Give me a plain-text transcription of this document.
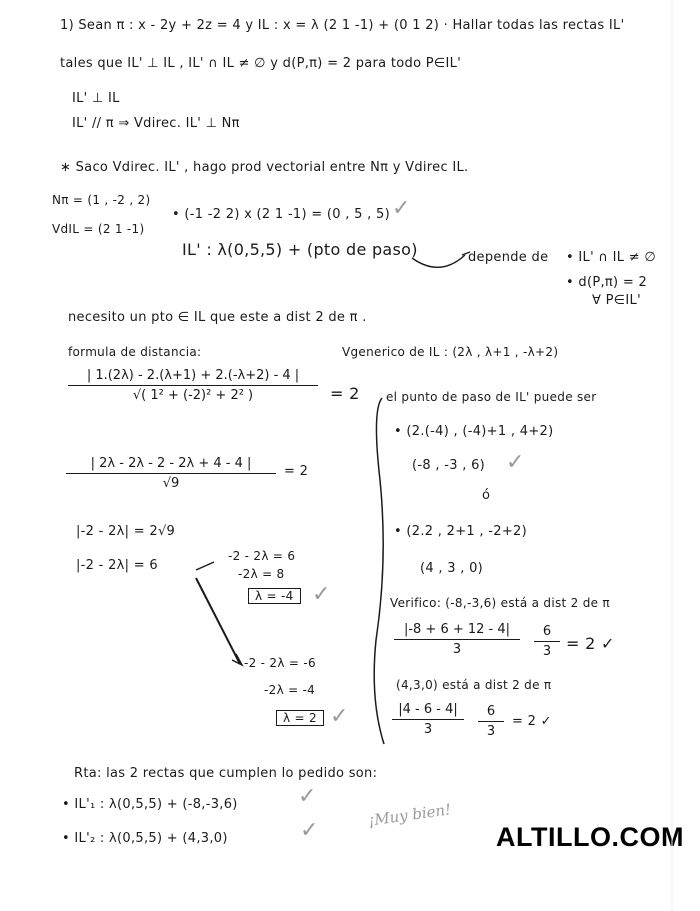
1) Sean π : x - 2y + 2z = 4 y IL : x = λ (2 1 -1) + (0 1 2) · Hallar todas las rectas IL'
tales que IL' ⊥ IL , IL' ∩ IL ≠ ∅ y d(P,π) = 2 para todo P∈IL'
IL' ⊥ IL
IL' // π ⇒ Vdirec. IL' ⊥ Nπ
∗ Saco Vdirec. IL' , hago prod vectorial entre Nπ y Vdirec IL.
Nπ = (1 , -2 , 2)
VdIL = (2 1 -1)
• (-1 -2 2) x (2 1 -1) = (0 , 5 , 5) ✓
IL' : λ(0,5,5) + (pto de paso)	depende de • IL' ∩ IL ≠ ∅
• d(P,π) = 2
∀ P∈IL'
necesito un pto ∈ IL que este a dist 2 de π .
formula de distancia:	Vgenerico de IL : (2λ , λ+1 , -λ+2)
| 1.(2λ) - 2.(λ+1) + 2.(-λ+2) - 4 |
√( 1² + (-2)² + 2² )	= 2
| 2λ - 2λ - 2 - 2λ + 4 - 4 |
√9
= 2
|-2 - 2λ| = 2√9
|-2 - 2λ| = 6
-2 - 2λ = 6
-2λ = 8
λ = -4 ✓
-2 - 2λ = -6
-2λ = -4
λ = 2 ✓
el punto de paso de IL' puede ser
• (2.(-4) , (-4)+1 , 4+2)
(-8 , -3 , 6) ✓
ó
• (2.2 , 2+1 , -2+2)
(4 , 3 , 0)
Verifico: (-8,-3,6) está a dist 2 de π
|-8 + 6 + 12 - 4|
3
6
3 = 2 ✓
(4,3,0) está a dist 2 de π
|4 - 6 - 4|
3
6
3
= 2 ✓
Rta: las 2 rectas que cumplen lo pedido son:
• IL'₁ : λ(0,5,5) + (-8,-3,6)	✓
• IL'₂ : λ(0,5,5) + (4,3,0)	✓
¡Muy bien!
ALTILLO.COM
